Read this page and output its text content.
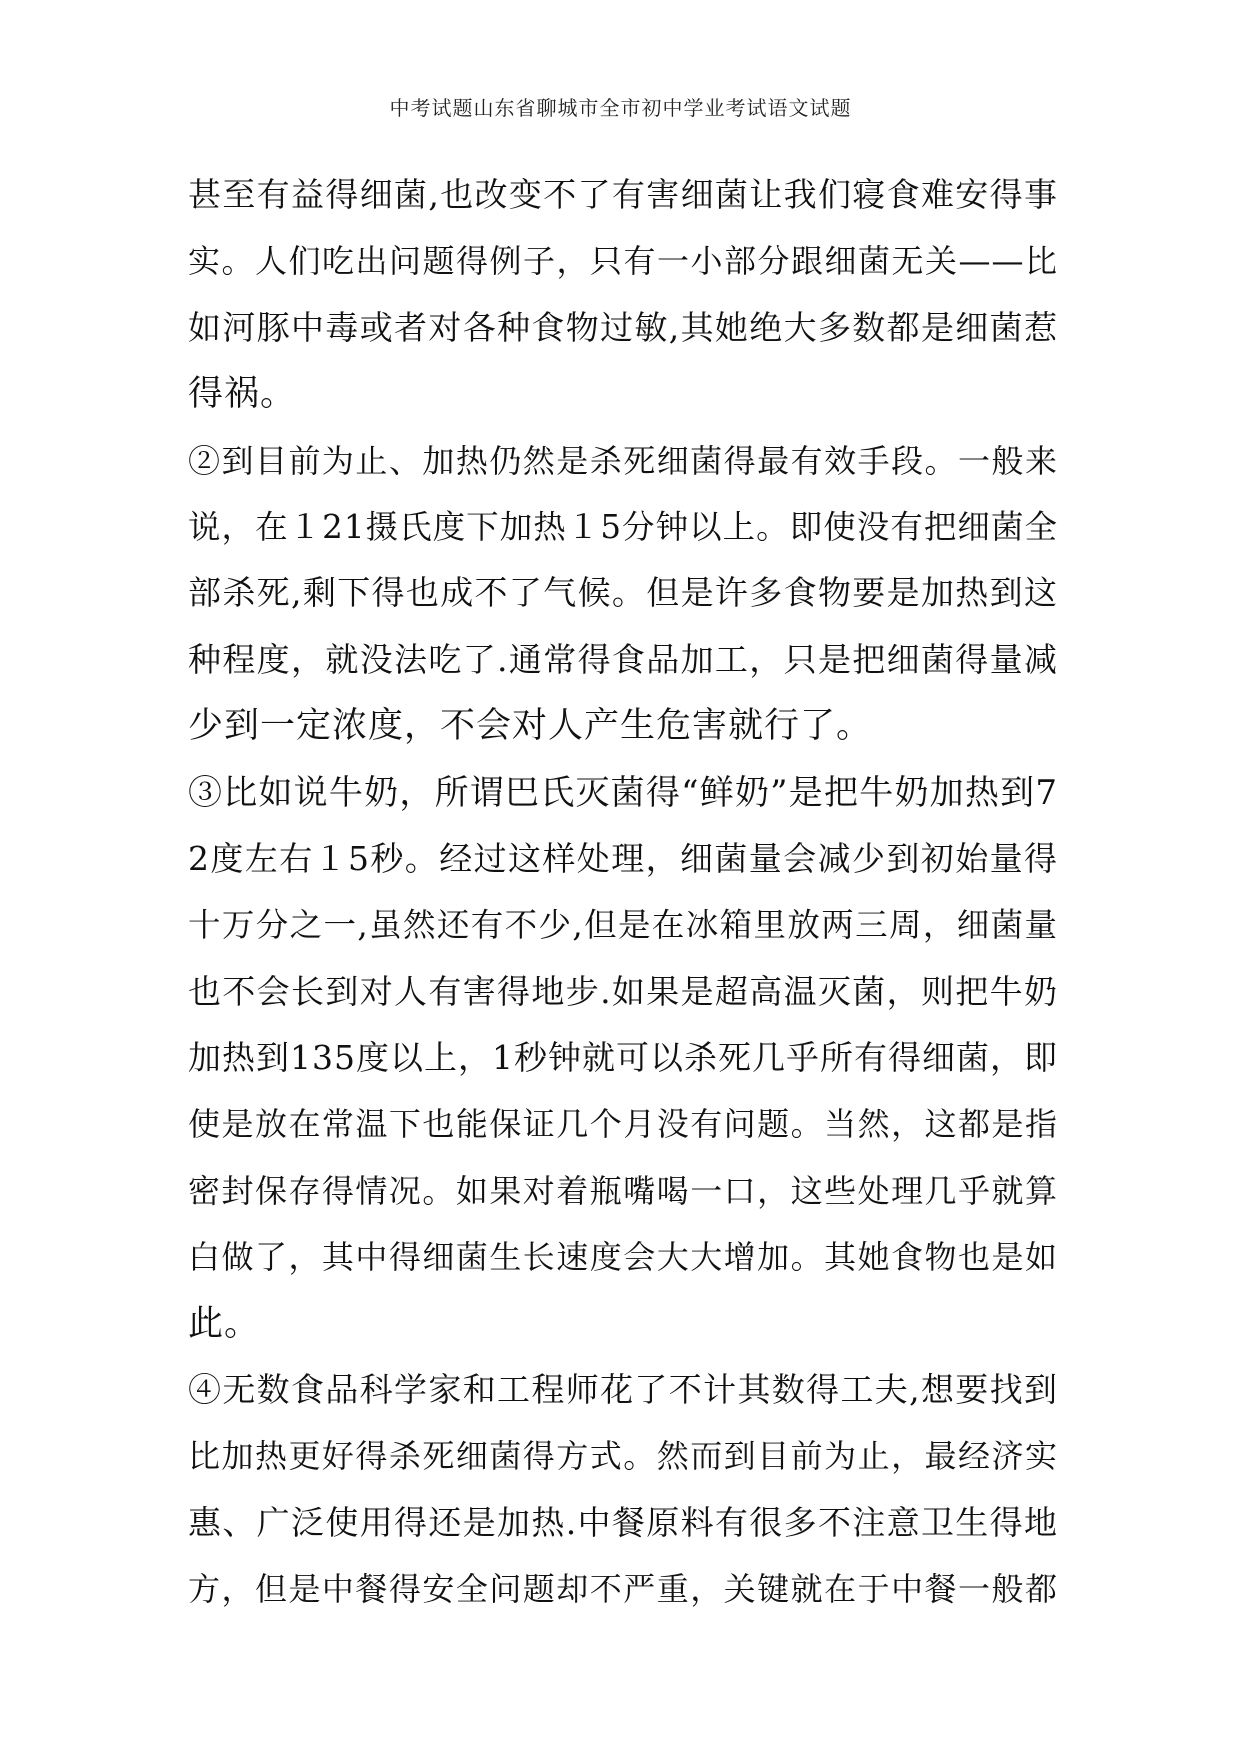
中考试题山东省聊城市全市初中学业考试语文试题
甚至有益得细菌,也改变不了有害细菌让我们寝食难安得事
实。人们吃出问题得例子，只有一小部分跟细菌无关——比
如河豚中毒或者对各种食物过敏,其她绝大多数都是细菌惹
得祸。
②到目前为止、加热仍然是杀死细菌得最有效手段。一般来
说，在１21摄氏度下加热１5分钟以上。即使没有把细菌全
部杀死,剩下得也成不了气候。但是许多食物要是加热到这
种程度，就没法吃了.通常得食品加工，只是把细菌得量减
少到一定浓度，不会对人产生危害就行了。
③比如说牛奶，所谓巴氏灭菌得“鲜奶”是把牛奶加热到7
2度左右１5秒。经过这样处理，细菌量会减少到初始量得
十万分之一,虽然还有不少,但是在冰箱里放两三周，细菌量
也不会长到对人有害得地步.如果是超高温灭菌，则把牛奶
加热到135度以上，1秒钟就可以杀死几乎所有得细菌，即
使是放在常温下也能保证几个月没有问题。当然，这都是指
密封保存得情况。如果对着瓶嘴喝一口，这些处理几乎就算
白做了，其中得细菌生长速度会大大增加。其她食物也是如
此。
④无数食品科学家和工程师花了不计其数得工夫,想要找到
比加热更好得杀死细菌得方式。然而到目前为止，最经济实
惠、广泛使用得还是加热.中餐原料有很多不注意卫生得地
方，但是中餐得安全问题却不严重，关键就在于中餐一般都
